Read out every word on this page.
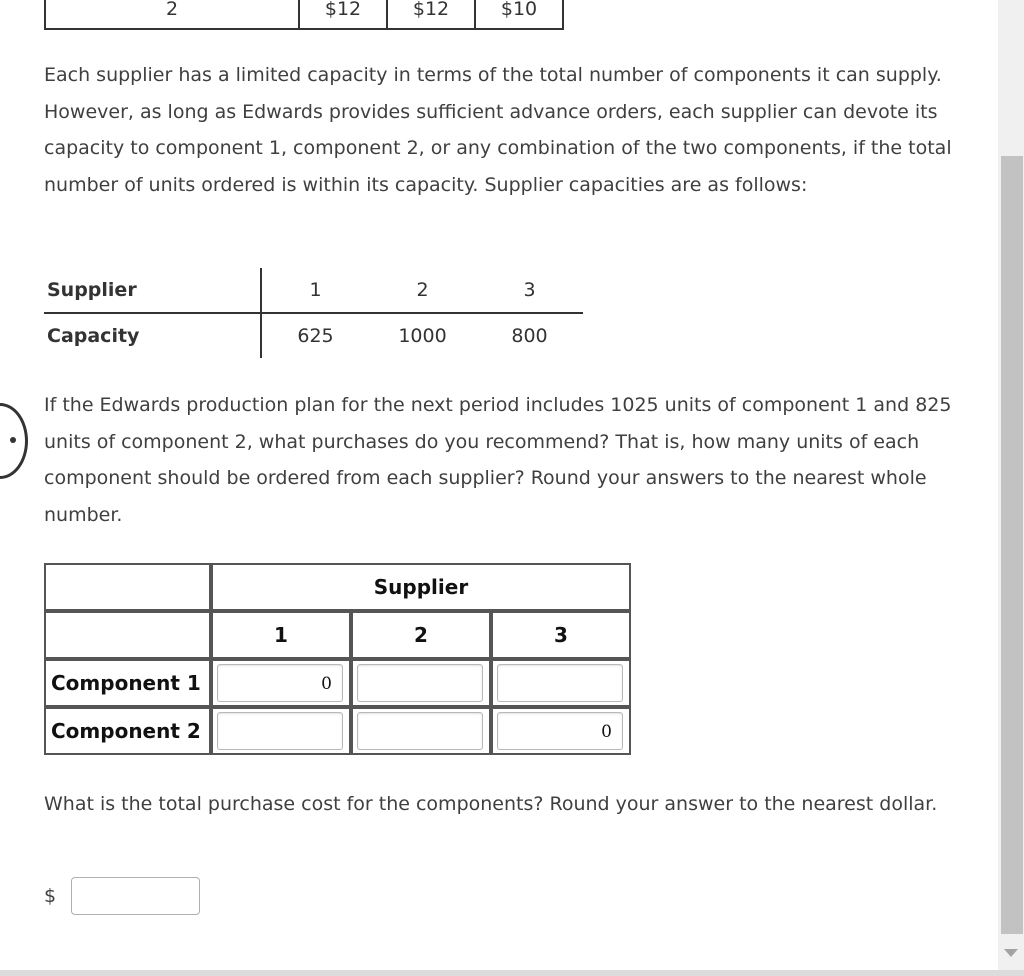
2	$12	$12	$10

Each supplier has a limited capacity in terms of the total number of components it can supply. However, as long as Edwards provides sufficient advance orders, each supplier can devote its capacity to component 1, component 2, or any combination of the two components, if the total number of units ordered is within its capacity. Supplier capacities are as follows:

Supplier	1	2	3
Capacity	625	1000	800

If the Edwards production plan for the next period includes 1025 units of component 1 and 825 units of component 2, what purchases do you recommend? That is, how many units of each component should be ordered from each supplier? Round your answers to the nearest whole number.

	Supplier		
	1	2	3
Component 1	0		

Component 2			0

What is the total purchase cost for the components? Round your answer to the nearest dollar.

$
